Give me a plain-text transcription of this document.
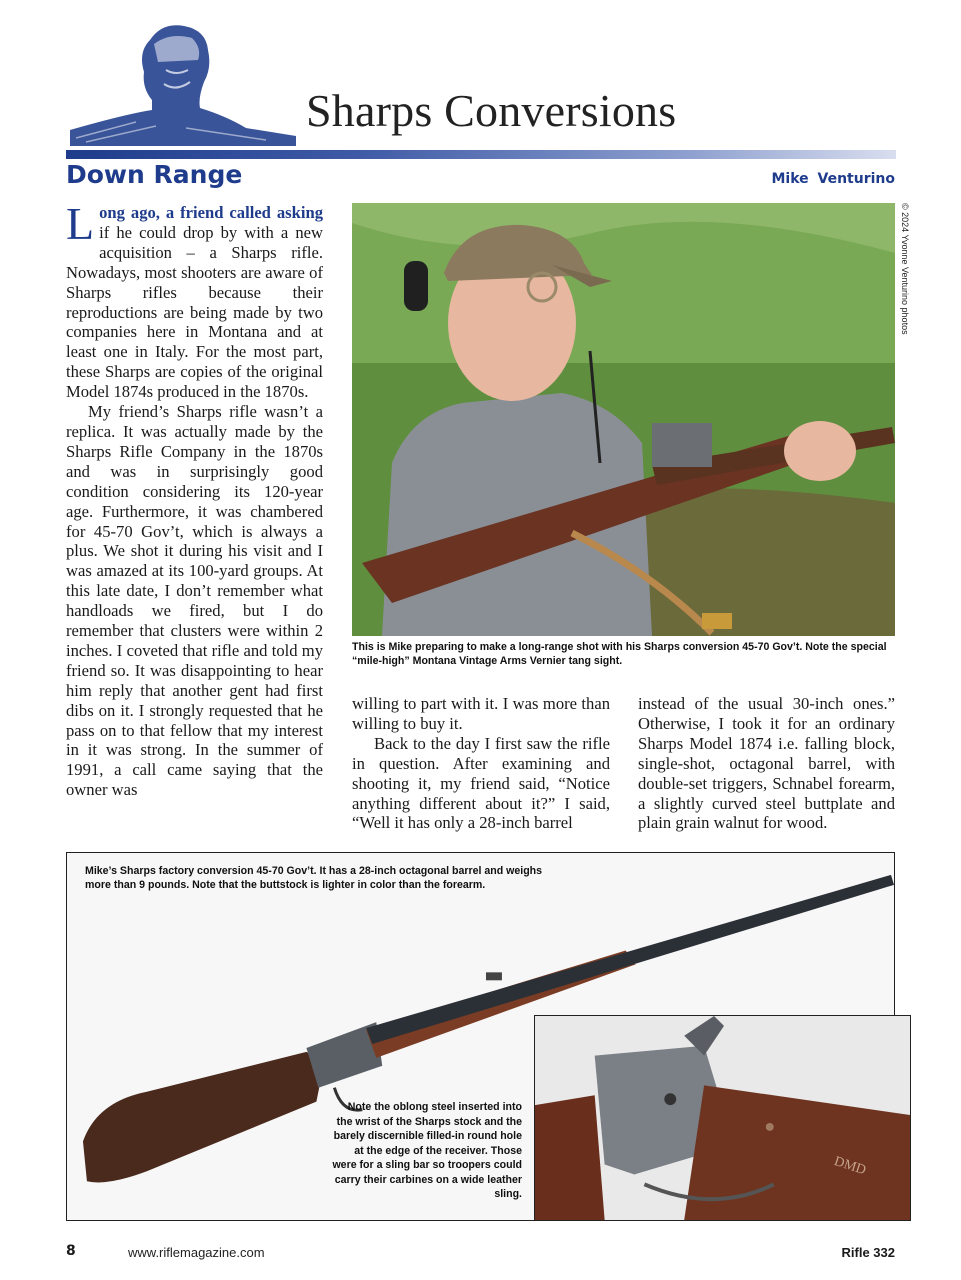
Sharps Conversions
Down Range	Mike Venturino

Long ago, a friend called asking if he could drop by with a new acquisition – a Sharps rifle. Nowadays, most shooters are aware of Sharps rifles because their reproductions are being made by two companies here in Montana and at least one in Italy. For the most part, these Sharps are copies of the original Model 1874s produced in the 1870s.

My friend’s Sharps rifle wasn’t a replica. It was actually made by the Sharps Rifle Company in the 1870s and was in surprisingly good condition considering its 120-year age. Furthermore, it was chambered for 45-70 Gov’t, which is always a plus. We shot it during his visit and I was amazed at its 100-yard groups. At this late date, I don’t remember what handloads we fired, but I do remember that clusters were within 2 inches. I coveted that rifle and told my friend so. It was disappointing to hear him reply that another gent had first dibs on it. I strongly requested that he pass on to that fellow that my interest in it was strong. In the summer of 1991, a call came saying that the owner was

© 2024 Yvonne Venturino photos
This is Mike preparing to make a long-range shot with his Sharps conversion 45-70 Gov’t. Note the special “mile-high” Montana Vintage Arms Vernier tang sight.

willing to part with it. I was more than willing to buy it.

Back to the day I first saw the rifle in question. After examining and shooting it, my friend said, “Notice anything different about it?” I said, “Well it has only a 28-inch barrel

instead of the usual 30-inch ones.” Otherwise, I took it for an ordinary Sharps Model 1874 i.e. falling block, single-shot, octagonal barrel, with double-set triggers, Schnabel forearm, a slightly curved steel buttplate and plain grain walnut for wood.

Mike’s Sharps factory conversion 45-70 Gov’t. It has a 28-inch octagonal barrel and weighs more than 9 pounds. Note that the buttstock is lighter in color than the forearm.
DMD
Note the oblong steel inserted into the wrist of the Sharps stock and the barely discernible filled-in round hole at the edge of the receiver. Those were for a sling bar so troopers could carry their carbines on a wide leather sling.
8	www.riflemagazine.com	Rifle 332
